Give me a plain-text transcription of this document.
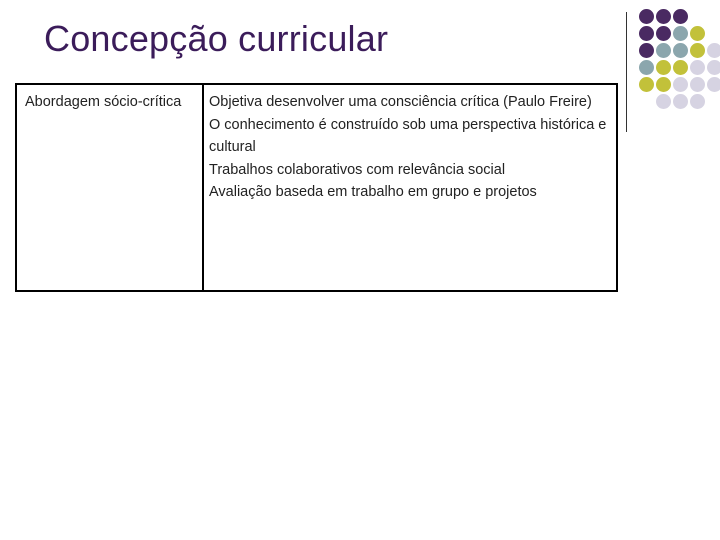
Concepção curricular
Abordagem sócio-crítica	Objetiva desenvolver uma consciência crítica (Paulo Freire)
O conhecimento é construído sob uma perspectiva histórica e cultural
Trabalhos colaborativos com relevância social
Avaliação baseda em trabalho em grupo e projetos
